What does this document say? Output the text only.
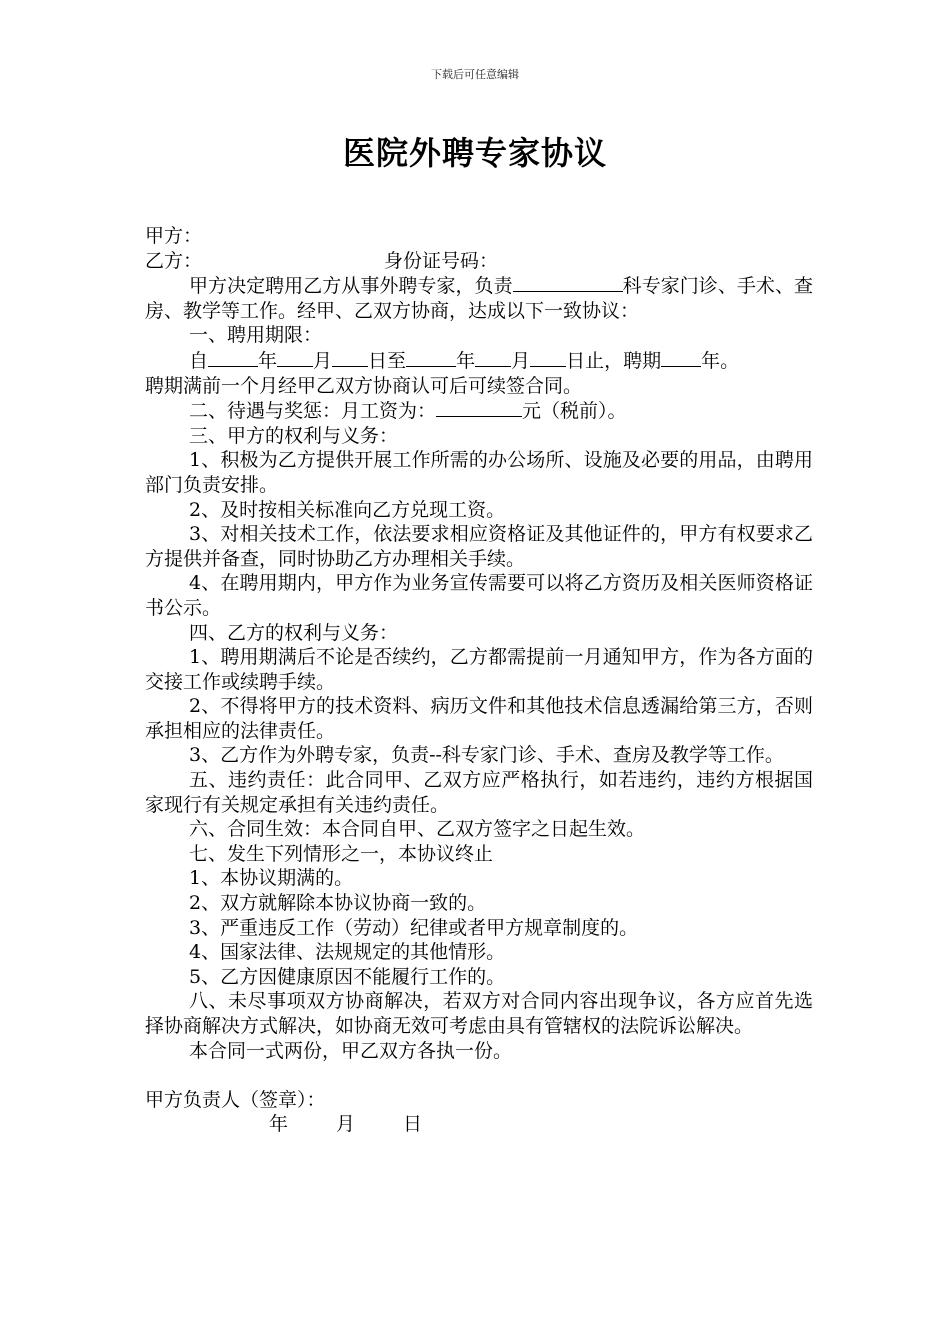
下载后可任意编辑
医院外聘专家协议

甲方：

乙方：	身份证号码：

甲方决定聘用乙方从事外聘专家，负责	科专家门诊、手术、查房、教学等工作。经甲、乙双方协商，达成以下一致协议：

一、聘用期限：

自	年 月 日至	年 月 日止，聘期 年。

聘期满前一个月经甲乙双方协商认可后可续签合同。

二、待遇与奖惩：月工资为：	元（税前）。

三、甲方的权利与义务：

1、积极为乙方提供开展工作所需的办公场所、设施及必要的用品，由聘用部门负责安排。

2、及时按相关标准向乙方兑现工资。

3、对相关技术工作，依法要求相应资格证及其他证件的，甲方有权要求乙方提供并备查，同时协助乙方办理相关手续。

4、在聘用期内，甲方作为业务宣传需要可以将乙方资历及相关医师资格证书公示。

四、乙方的权利与义务：

1、聘用期满后不论是否续约，乙方都需提前一月通知甲方，作为各方面的交接工作或续聘手续。

2、不得将甲方的技术资料、病历文件和其他技术信息透漏给第三方，否则承担相应的法律责任。

3、乙方作为外聘专家，负责--科专家门诊、手术、查房及教学等工作。

五、违约责任：此合同甲、乙双方应严格执行，如若违约，违约方根据国家现行有关规定承担有关违约责任。

六、合同生效：本合同自甲、乙双方签字之日起生效。

七、发生下列情形之一，本协议终止

1、本协议期满的。

2、双方就解除本协议协商一致的。

3、严重违反工作（劳动）纪律或者甲方规章制度的。

4、国家法律、法规规定的其他情形。

5、乙方因健康原因不能履行工作的。

八、未尽事项双方协商解决，若双方对合同内容出现争议，各方应首先选择协商解决方式解决，如协商无效可考虑由具有管辖权的法院诉讼解决。

本合同一式两份，甲乙双方各执一份。

甲方负责人（签章）：

年	月	日
